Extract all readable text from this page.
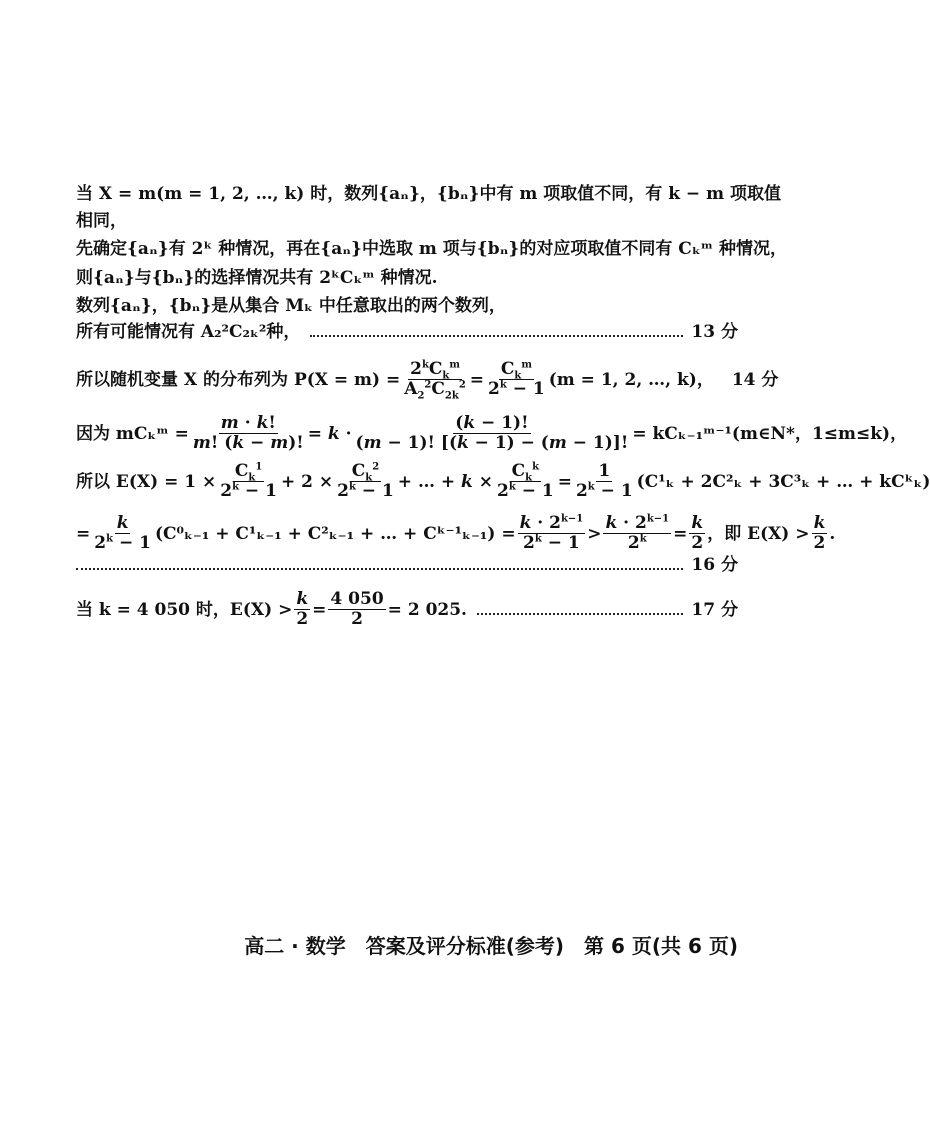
当 X = m(m = 1, 2, …, k) 时，数列{aₙ}，{bₙ}中有 m 项取值不同，有 k − m 项取值
相同，
先确定{aₙ}有 2ᵏ 种情况，再在{aₙ}中选取 m 项与{bₙ}的对应项取值不同有 Cₖᵐ 种情况，
则{aₙ}与{bₙ}的选择情况共有 2ᵏCₖᵐ 种情况.
数列{aₙ}，{bₙ}是从集合 Mₖ 中任意取出的两个数列，
所有可能情况有 A₂²C₂ₖ²种，	13 分
所以随机变量 X 的分布列为 $P(X = m) = \frac{2^kC_k^m}{A_2^2C_{2k}^2} = \frac{C_k^m}{2^k - 1} (m = 1$, 2, …, k)， 14 分
因为 mCₖᵐ = $\frac{m \cdot k!}{m! (k - m)!} = k \cdot \frac{(k - 1)!}{(m - 1)! [(k - 1) - (m - 1)]!}$ = kCₖ₋₁ᵐ⁻¹(m∈N*，1≤m≤k)，
所以 $E(X) = 1 \times \frac{C_k^1}{2^k - 1} + 2 \times \frac{C_k^2}{2^k - 1}$ + … + $k \times \frac{C_k^k}{2^k - 1} = \frac{1}{2^k - 1} (C^1_k + 2C^2_k + 3C^3_k$ + … + kCᵏₖ)
= $\frac{k}{2^k - 1} (C^0_{k-1} + C^1_{k-1} + C^2_{k-1}$ + … + Cᵏ⁻¹ₖ₋₁) = $\frac{k \cdot 2^{k-1}}{2^k - 1} > \frac{k \cdot 2^{k-1}}{2^k} = \frac{k}{2}$ ，即 $E(X) > \frac{k}{2}$ .
16 分
当 k = 4 050 时，$E(X) > \frac{k}{2} = \frac{4 050}{2} = 2$ 025.	17 分
高二 · 数学　答案及评分标准(参考)　第 6 页(共 6 页)
